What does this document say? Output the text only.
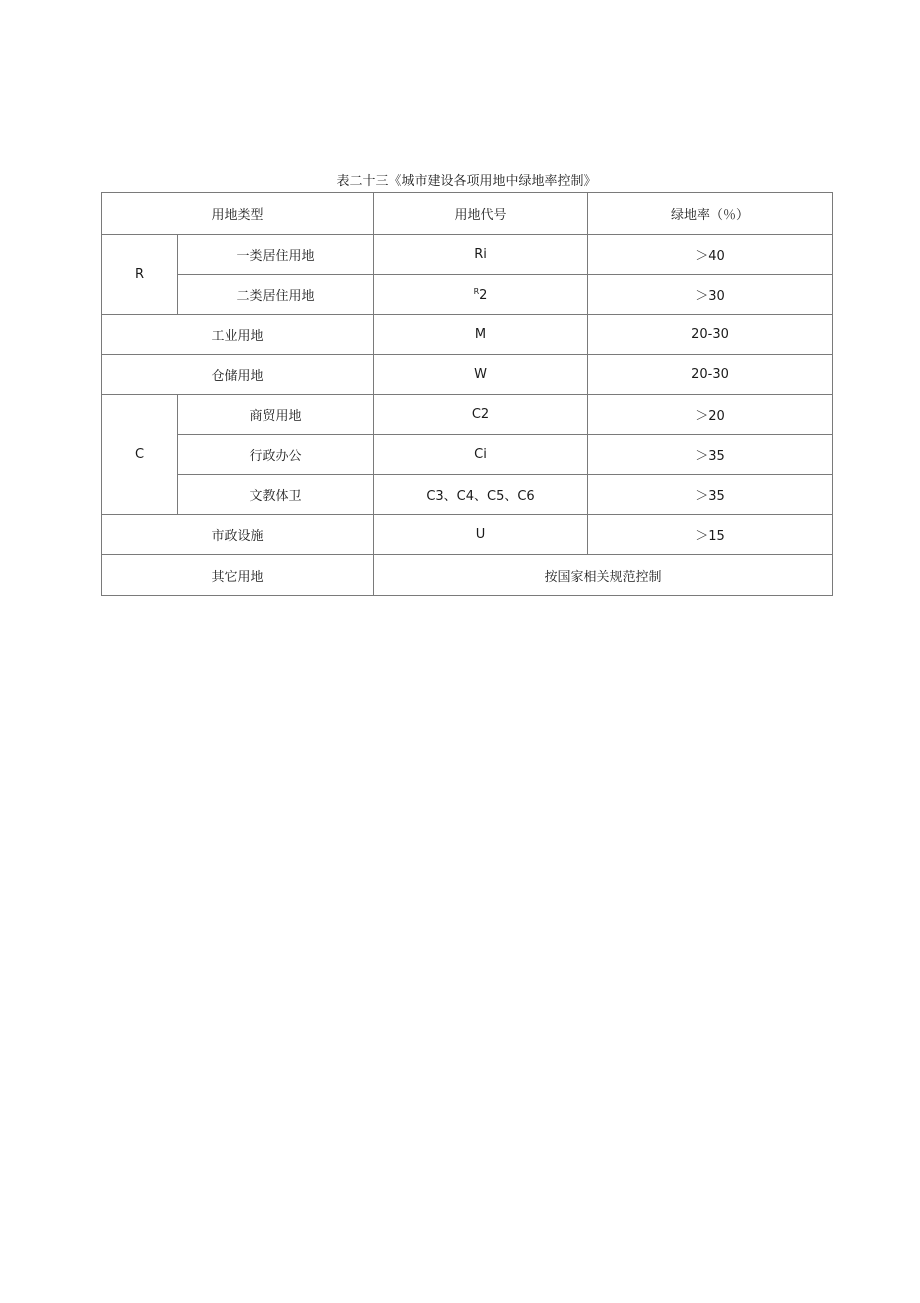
表二十三《城市建设各项用地中绿地率控制》
用地类型		用地代号	绿地率（％）
R	一类居住用地	Ri	＞40
	二类居住用地	$^R$2	＞30
工业用地		M	20-30
仓储用地		W	20-30
C	商贸用地	C2	＞20
	行政办公	Ci	＞35
	文教体卫	C3、C4、C5、C6	＞35
市政设施		U	＞15
其它用地		按国家相关规范控制	
